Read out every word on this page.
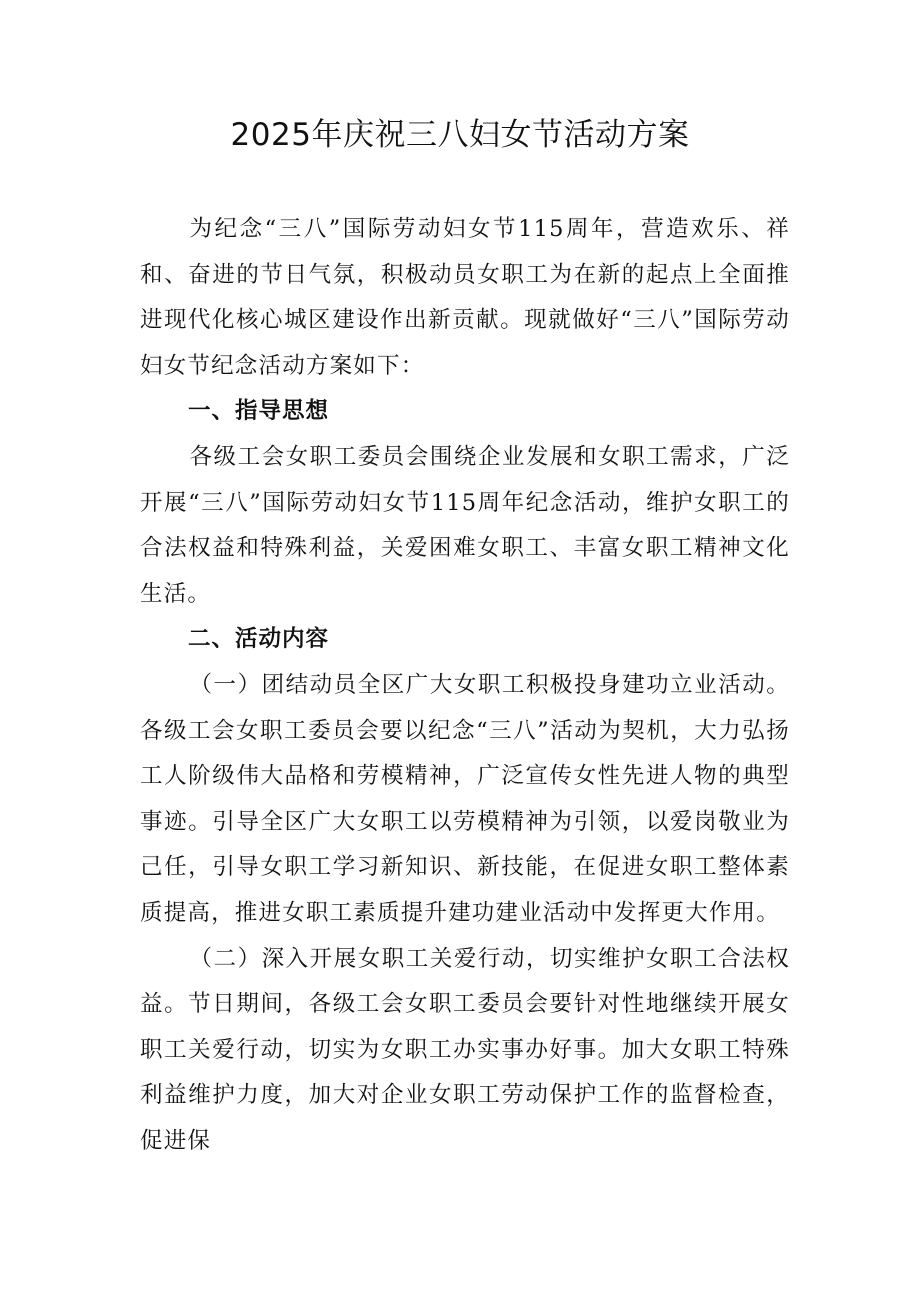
2025年庆祝三八妇女节活动方案

为纪念“三八”国际劳动妇女节115周年，营造欢乐、祥和、奋进的节日气氛，积极动员女职工为在新的起点上全面推进现代化核心城区建设作出新贡献。现就做好“三八”国际劳动妇女节纪念活动方案如下：

一、指导思想

各级工会女职工委员会围绕企业发展和女职工需求，广泛开展“三八”国际劳动妇女节115周年纪念活动，维护女职工的合法权益和特殊利益，关爱困难女职工、丰富女职工精神文化生活。

二、活动内容

（一）团结动员全区广大女职工积极投身建功立业活动。各级工会女职工委员会要以纪念“三八”活动为契机，大力弘扬工人阶级伟大品格和劳模精神，广泛宣传女性先进人物的典型事迹。引导全区广大女职工以劳模精神为引领，以爱岗敬业为己任，引导女职工学习新知识、新技能，在促进女职工整体素质提高，推进女职工素质提升建功建业活动中发挥更大作用。

（二）深入开展女职工关爱行动，切实维护女职工合法权益。节日期间，各级工会女职工委员会要针对性地继续开展女职工关爱行动，切实为女职工办实事办好事。加大女职工特殊利益维护力度，加大对企业女职工劳动保护工作的监督检查，促进保
